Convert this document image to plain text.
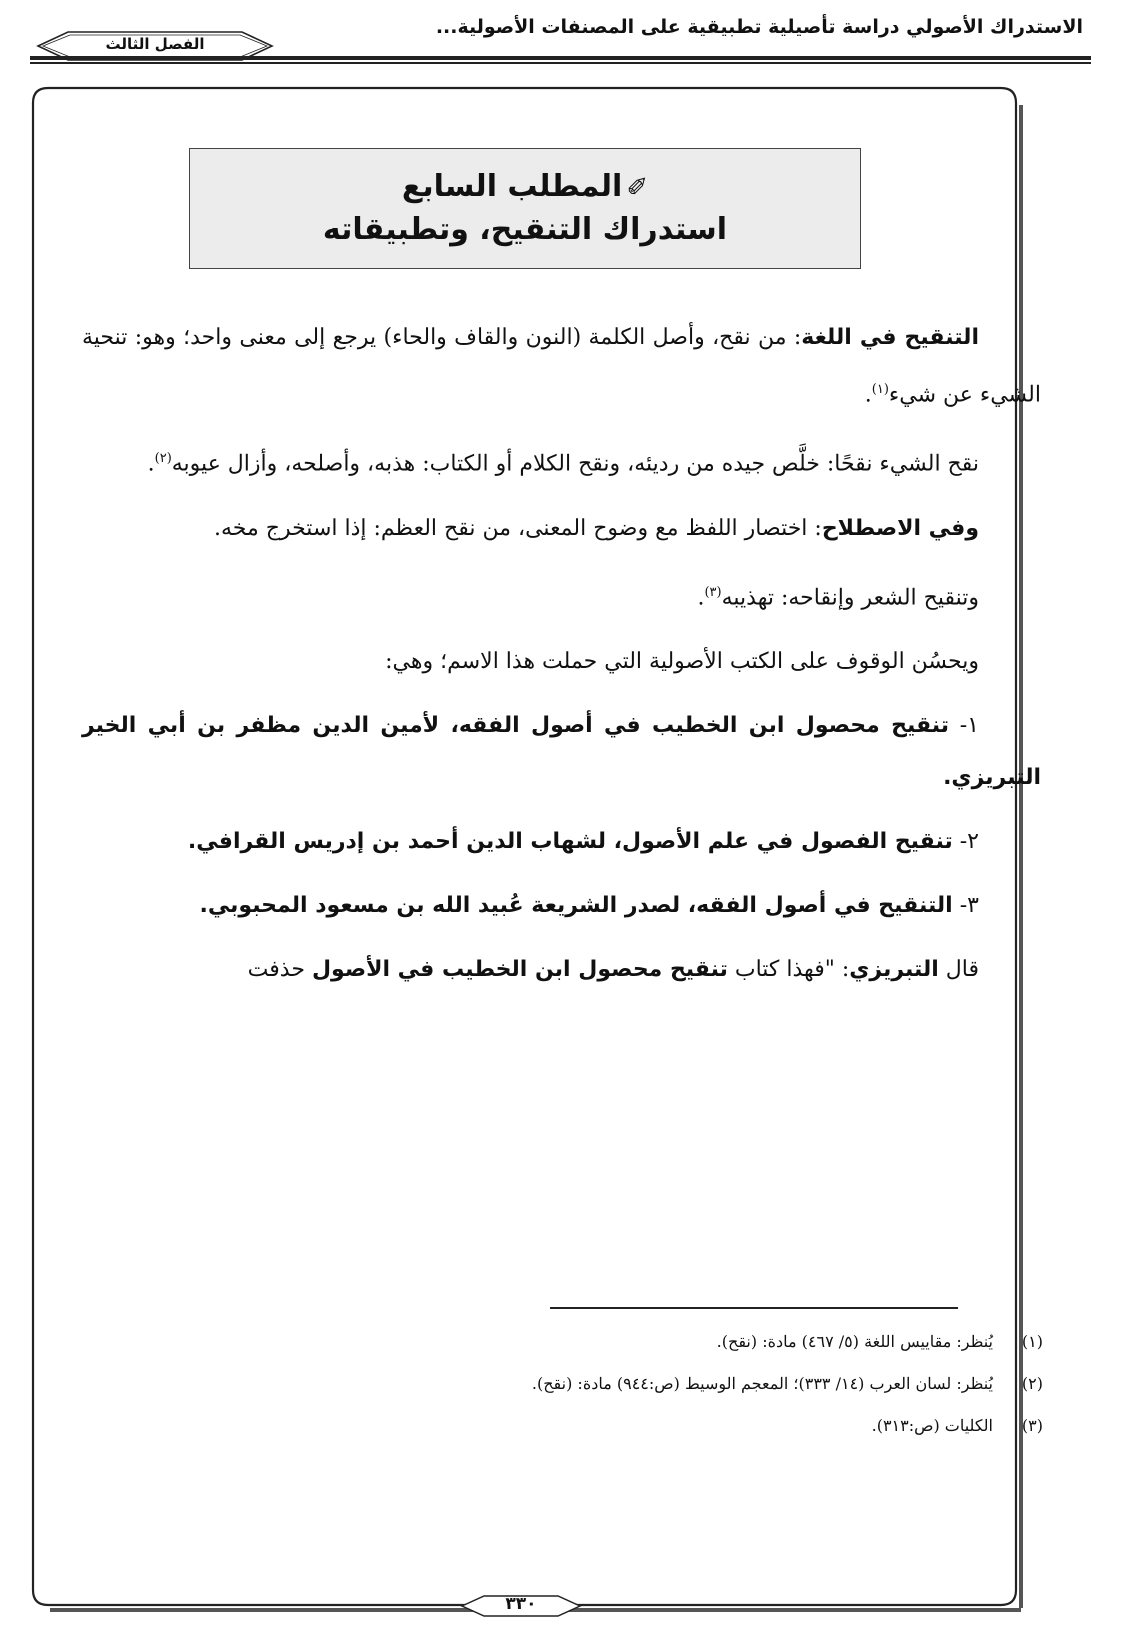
الاستدراك الأصولي دراسة تأصيلية تطبيقية على المصنفات الأصولية...
الفصل الثالث
✐المطلب السابع
استدراك التنقيح، وتطبيقاته

التنقيح في اللغة: من نقح، وأصل الكلمة (النون والقاف والحاء) يرجع إلى معنى واحد؛ وهو: تنحية الشيء عن شيء$^{(١)}$.

نقح الشيء نقحًا: خلَّص جيده من رديئه، ونقح الكلام أو الكتاب: هذبه، وأصلحه، وأزال عيوبه$^{(٢)}$.

وفي الاصطلاح: اختصار اللفظ مع وضوح المعنى، من نقح العظم: إذا استخرج مخه.

وتنقيح الشعر وإنقاحه: تهذيبه$^{(٣)}$.

ويحسُن الوقوف على الكتب الأصولية التي حملت هذا الاسم؛ وهي:

١- تنقيح محصول ابن الخطيب في أصول الفقه، لأمين الدين مظفر بن أبي الخير التبريزي.

٢- تنقيح الفصول في علم الأصول، لشهاب الدين أحمد بن إدريس القرافي.

٣- التنقيح في أصول الفقه، لصدر الشريعة عُبيد الله بن مسعود المحبوبي.

قال التبريزي: "فهذا كتاب تنقيح محصول ابن الخطيب في الأصول حذفت

(١)يُنظر: مقاييس اللغة (٥/ ٤٦٧) مادة: (نقح).

(٢)يُنظر: لسان العرب (١٤/ ٣٣٣)؛ المعجم الوسيط (ص:٩٤٤) مادة: (نقح).

(٣)الكليات (ص:٣١٣).

٣٣٠
